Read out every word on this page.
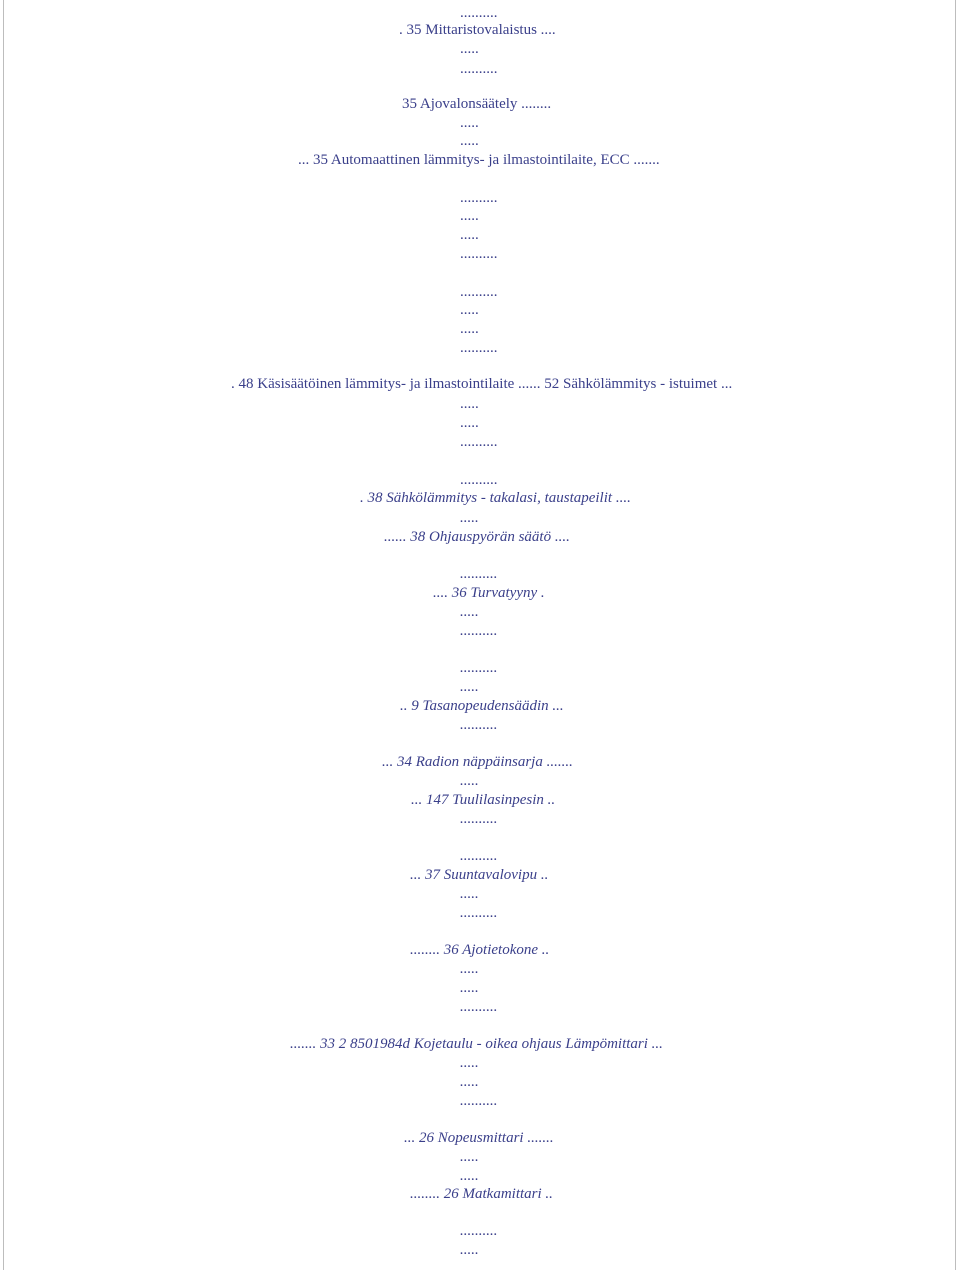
..........
. 35 Mittaristovalaistus ....
.....
..........
35 Ajovalonsäätely ........
.....
.....
... 35 Automaattinen lämmitys- ja ilmastointilaite, ECC .......
..........
.....
.....
..........
..........
.....
.....
..........
. 48 Käsisäätöinen lämmitys- ja ilmastointilaite ...... 52 Sähkölämmitys - istuimet ...
.....
.....
..........
..........
. 38 Sähkölämmitys - takalasi, taustapeilit ....
.....
...... 38 Ohjauspyörän säätö ....
..........
.... 36 Turvatyyny .
.....
..........
..........
.....
.. 9 Tasanopeudensäädin ...
..........
... 34 Radion näppäinsarja .......
.....
... 147 Tuulilasinpesin ..
..........
..........
... 37 Suuntavalovipu ..
.....
..........
........ 36 Ajotietokone ..
.....
.....
..........
....... 33 2 8501984d Kojetaulu - oikea ohjaus Lämpömittari ...
.....
.....
..........
... 26 Nopeusmittari .......
.....
.....
........ 26 Matkamittari ..
..........
.....
